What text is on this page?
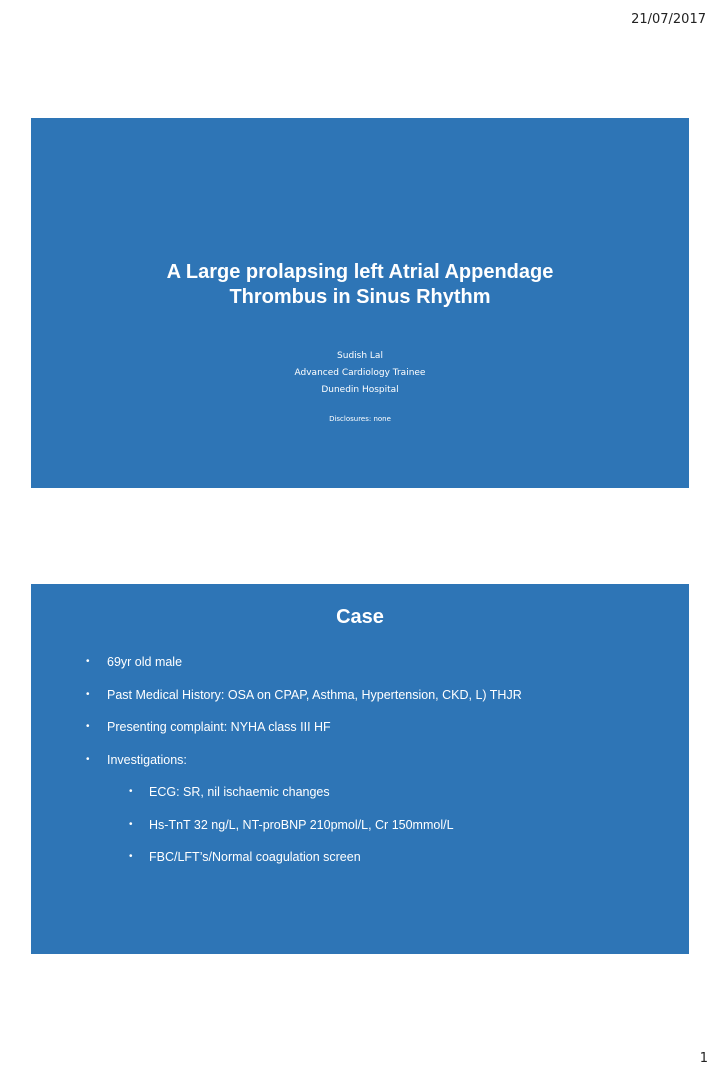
21/07/2017
A Large prolapsing left Atrial Appendage
Thrombus in Sinus Rhythm
Sudish Lal
Advanced Cardiology Trainee
Dunedin Hospital
Disclosures: none
Case
• 69yr old male
• Past Medical History: OSA on CPAP, Asthma, Hypertension, CKD, L) THJR
• Presenting complaint: NYHA class III HF
• Investigations:
• ECG: SR, nil ischaemic changes
• Hs-TnT 32 ng/L, NT-proBNP 210pmol/L, Cr 150mmol/L
• FBC/LFT’s/Normal coagulation screen
1
